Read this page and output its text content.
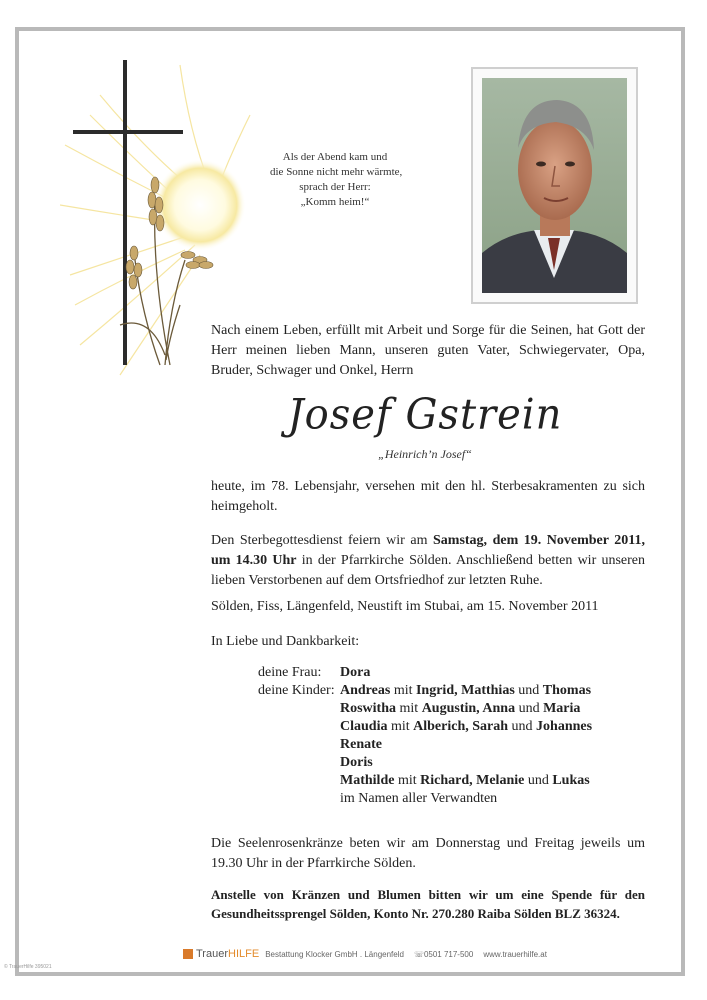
Als der Abend kam und
die Sonne nicht mehr wärmte,
sprach der Herr:
„Komm heim!“
Nach einem Leben, erfüllt mit Arbeit und Sorge für die Seinen, hat Gott der Herr meinen lieben Mann, unseren guten Vater, Schwiegervater, Opa, Bruder, Schwager und Onkel, Herrn
Josef Gstrein
„Heinrich’n Josef“
heute, im 78. Lebensjahr, versehen mit den hl. Sterbesakramenten zu sich heimgeholt.
Den Sterbegottesdienst feiern wir am Samstag, dem 19. November 2011, um 14.30 Uhr in der Pfarrkirche Sölden. Anschließend betten wir unseren lieben Verstorbenen auf dem Ortsfriedhof zur letzten Ruhe.
Sölden, Fiss, Längenfeld, Neustift im Stubai, am 15. November 2011
In Liebe und Dankbarkeit:
deine Frau:	Dora
deine Kinder: Andreas mit Ingrid, Matthias und Thomas
Roswitha mit Augustin, Anna und Maria
Claudia mit Alberich, Sarah und Johannes
Renate
Doris
Mathilde mit Richard, Melanie und Lukas
im Namen aller Verwandten
Die Seelenrosenkränze beten wir am Donnerstag und Freitag jeweils um 19.30 Uhr in der Pfarrkirche Sölden.
Anstelle von Kränzen und Blumen bitten wir um eine Spende für den Gesundheitssprengel Sölden, Konto Nr. 270.280 Raiba Sölden BLZ 36324.
TrauerHILFE Bestattung Klocker GmbH . Längenfeld ☏0501 717-500 www.trauerhilfe.at
© TrauerHilfe 395021
